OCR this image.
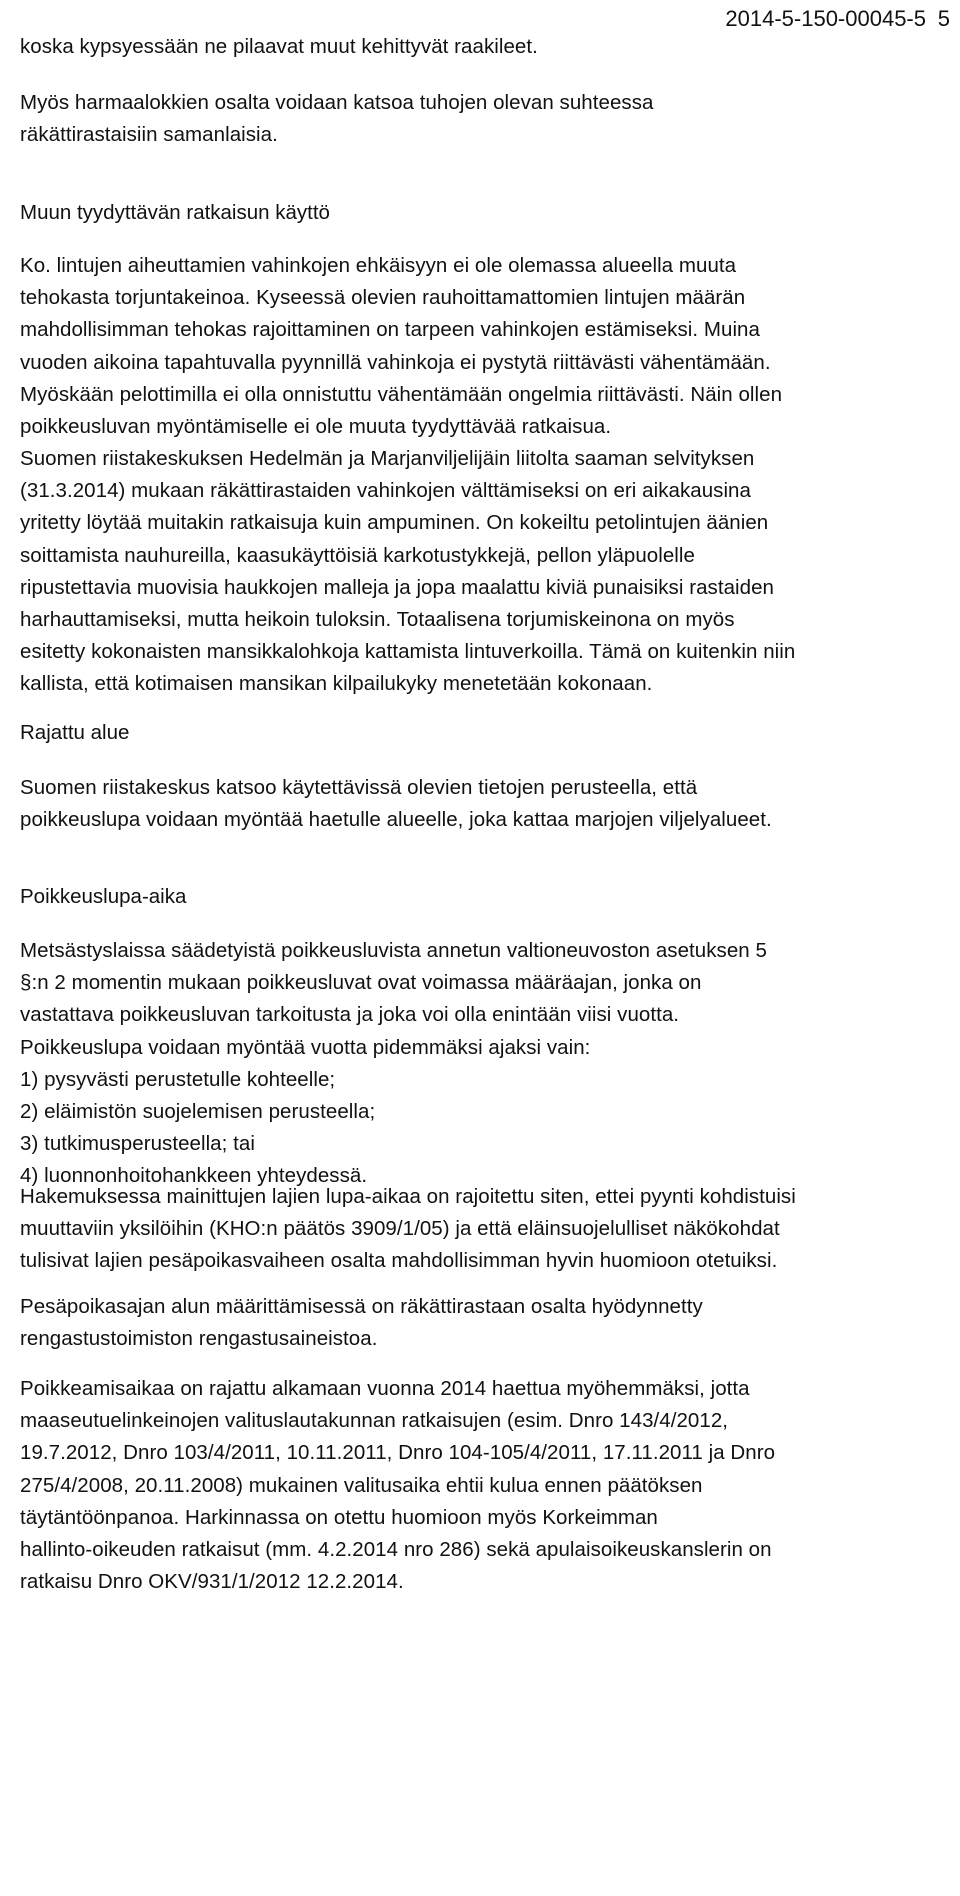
2014-5-150-00045-5 5
koska kypsyessään ne pilaavat muut kehittyvät raakileet.
Myös harmaalokkien osalta voidaan katsoa tuhojen olevan suhteessa
räkättirastaisiin samanlaisia.
Muun tyydyttävän ratkaisun käyttö
Ko. lintujen aiheuttamien vahinkojen ehkäisyyn ei ole olemassa alueella muuta
tehokasta torjuntakeinoa. Kyseessä olevien rauhoittamattomien lintujen määrän
mahdollisimman tehokas rajoittaminen on tarpeen vahinkojen estämiseksi. Muina
vuoden aikoina tapahtuvalla pyynnillä vahinkoja ei pystytä riittävästi vähentämään.
Myöskään pelottimilla ei olla onnistuttu vähentämään ongelmia riittävästi. Näin ollen
poikkeusluvan myöntämiselle ei ole muuta tyydyttävää ratkaisua.
Suomen riistakeskuksen Hedelmän ja Marjanviljelijäin liitolta saaman selvityksen
(31.3.2014) mukaan räkättirastaiden vahinkojen välttämiseksi on eri aikakausina
yritetty löytää muitakin ratkaisuja kuin ampuminen. On kokeiltu petolintujen äänien
soittamista nauhureilla, kaasukäyttöisiä karkotustykkejä, pellon yläpuolelle
ripustettavia muovisia haukkojen malleja ja jopa maalattu kiviä punaisiksi rastaiden
harhauttamiseksi, mutta heikoin tuloksin. Totaalisena torjumiskeinona on myös
esitetty kokonaisten mansikkalohkoja kattamista lintuverkoilla. Tämä on kuitenkin niin
kallista, että kotimaisen mansikan kilpailukyky menetetään kokonaan.
Rajattu alue
Suomen riistakeskus katsoo käytettävissä olevien tietojen perusteella, että
poikkeuslupa voidaan myöntää haetulle alueelle, joka kattaa marjojen viljelyalueet.
Poikkeuslupa-aika
Metsästyslaissa säädetyistä poikkeusluvista annetun valtioneuvoston asetuksen 5
§:n 2 momentin mukaan poikkeusluvat ovat voimassa määräajan, jonka on
vastattava poikkeusluvan tarkoitusta ja joka voi olla enintään viisi vuotta.
Poikkeuslupa voidaan myöntää vuotta pidemmäksi ajaksi vain:
1) pysyvästi perustetulle kohteelle;
2) eläimistön suojelemisen perusteella;
3) tutkimusperusteella; tai
4) luonnonhoitohankkeen yhteydessä.
Hakemuksessa mainittujen lajien lupa-aikaa on rajoitettu siten, ettei pyynti kohdistuisi
muuttaviin yksilöihin (KHO:n päätös 3909/1/05) ja että eläinsuojelulliset näkökohdat
tulisivat lajien pesäpoikasvaiheen osalta mahdollisimman hyvin huomioon otetuiksi.
Pesäpoikasajan alun määrittämisessä on räkättirastaan osalta hyödynnetty
rengastustoimiston rengastusaineistoa.
Poikkeamisaikaa on rajattu alkamaan vuonna 2014 haettua myöhemmäksi, jotta
maaseutuelinkeinojen valituslautakunnan ratkaisujen (esim. Dnro 143/4/2012,
19.7.2012, Dnro 103/4/2011, 10.11.2011, Dnro 104-105/4/2011, 17.11.2011 ja Dnro
275/4/2008, 20.11.2008) mukainen valitusaika ehtii kulua ennen päätöksen
täytäntöönpanoa. Harkinnassa on otettu huomioon myös Korkeimman
hallinto-oikeuden ratkaisut (mm. 4.2.2014 nro 286) sekä apulaisoikeuskanslerin on
ratkaisu Dnro OKV/931/1/2012 12.2.2014.
